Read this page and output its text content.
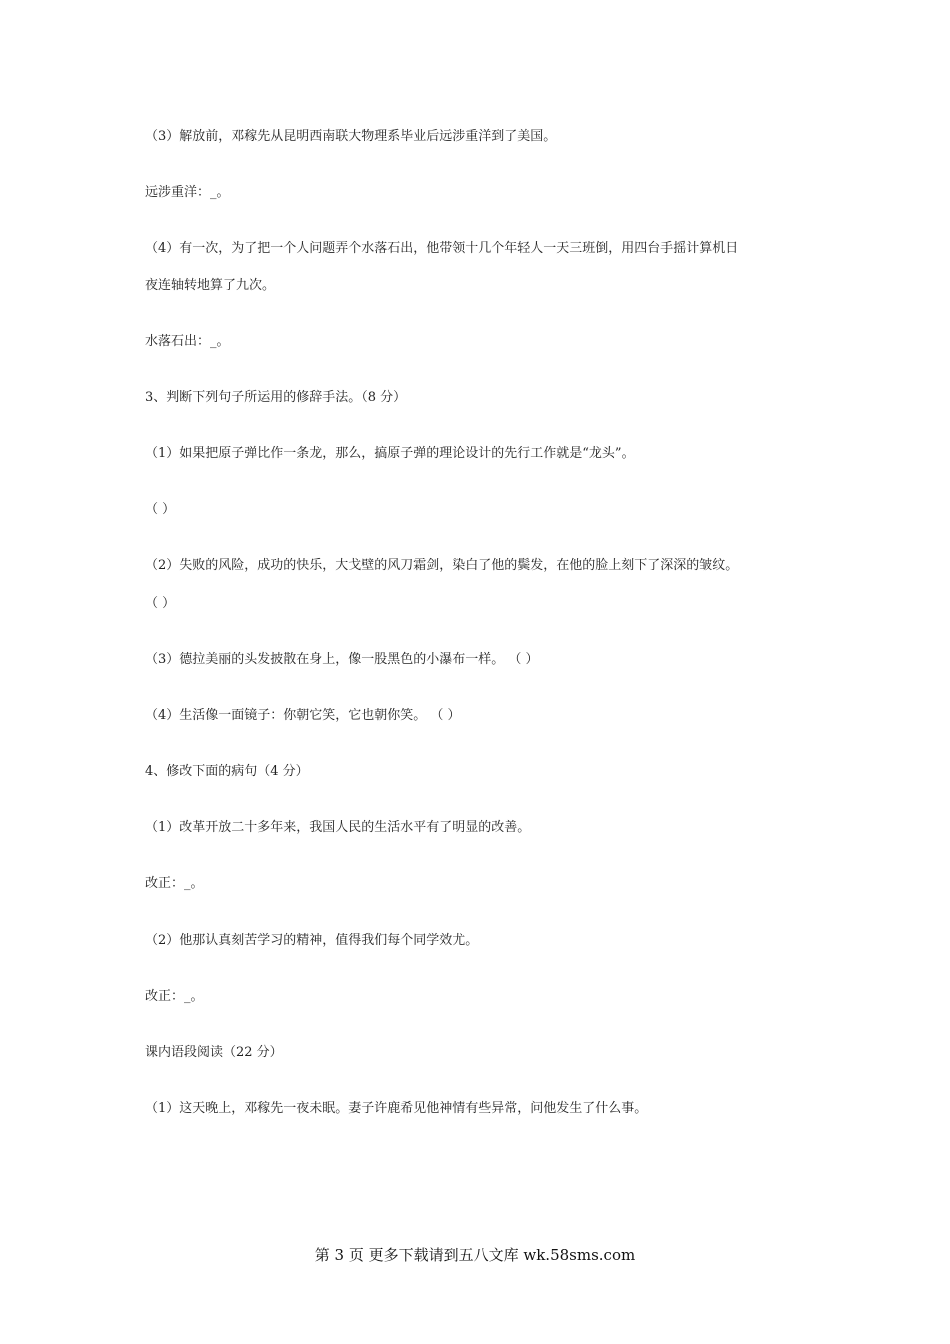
（3）解放前，邓稼先从昆明西南联大物理系毕业后远涉重洋到了美国。
远涉重洋：_。
（4）有一次，为了把一个人问题弄个水落石出，他带领十几个年轻人一天三班倒，用四台手摇计算机日
夜连轴转地算了九次。
水落石出：_。
3、判断下列句子所运用的修辞手法。（8 分）
（1）如果把原子弹比作一条龙，那么，搞原子弹的理论设计的先行工作就是“龙头”。
（ ）
（2）失败的风险，成功的快乐，大戈壁的风刀霜剑，染白了他的鬓发，在他的脸上刻下了深深的皱纹。
（ ）
（3）德拉美丽的头发披散在身上，像一股黑色的小瀑布一样。 （ ）
（4）生活像一面镜子：你朝它笑，它也朝你笑。 （ ）
4、修改下面的病句（4 分）
（1）改革开放二十多年来，我国人民的生活水平有了明显的改善。
改正：_。
（2）他那认真刻苦学习的精神，值得我们每个同学效尤。
改正：_。
课内语段阅读（22 分）
（1）这天晚上，邓稼先一夜未眠。妻子许鹿希见他神情有些异常，问他发生了什么事。
第 3 页 更多下载请到五八文库 wk.58sms.com
